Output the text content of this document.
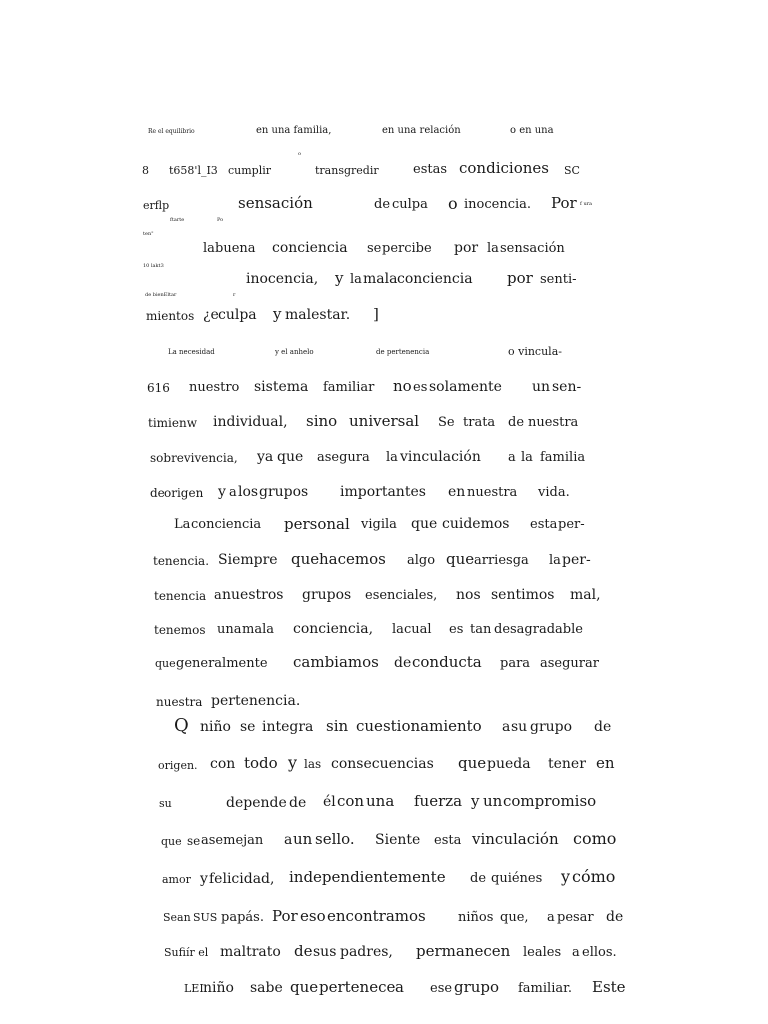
Re el equilibrio	en una familia,	en una relación	o en una
8 t658'l_I3 cumplir
o
transgredir	estas condiciones SC
erflp	sensación	de culpa o inocencia. Por f ura
ftarte	Po
ten"
la buena conciencia se percibe por la sensación
10 lakt3
inocencia, y la mala conciencia por senti-
de bienEltar	r
mientos ¿e culpa y malestar. ]
La necesidad	y el anhelo	de pertenencia	o vincula-
616 nuestro sistema familiar no es solamente un sen-
timienw individual, sino universal Se trata de nuestra
sobrevivencia, ya que asegura la vinculación a la familia
de origen y a los grupos importantes en nuestra vida.
La conciencia personal vigila que cuidemos esta per-
tenencia. Siempre que hacemos algo que arriesga la per-
tenencia a nuestros grupos esenciales, nos sentimos mal,
tenemos una mala conciencia, la cual es tan desagradable
que generalmente cambiamos de conducta para asegurar
nuestra pertenencia.
Q niño se integra sin cuestionamiento a su grupo de
origen. con todo y las consecuencias que pueda tener en
su	depende de él con una fuerza y un compromiso
que se asemejan a un sello. Siente esta vinculación como
amor y felicidad, independientemente de quiénes y cómo
Sean SUS papás. Por eso encontramos niños que, a pesar de
Sufiír el maltrato de sus padres, permanecen leales a ellos.
LEI niño sabe que pertenece a ese grupo familiar. Este
